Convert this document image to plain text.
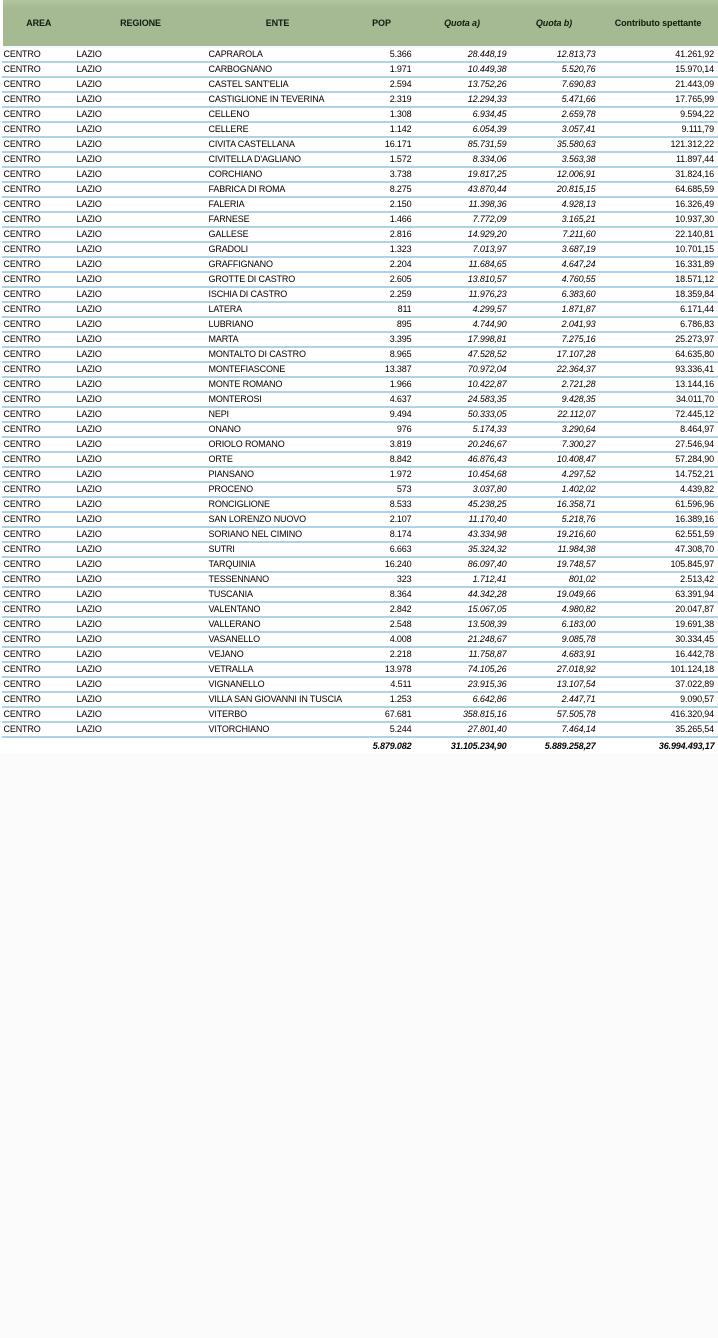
AREA	REGIONE	ENTE	POP	Quota a)	Quota b)	Contributo spettante
CENTRO	LAZIO	CAPRAROLA	5.366	28.448,19	12.813,73	41.261,92
CENTRO	LAZIO	CARBOGNANO	1.971	10.449,38	5.520,76	15.970,14
CENTRO	LAZIO	CASTEL SANT'ELIA	2.594	13.752,26	7.690,83	21.443,09
CENTRO	LAZIO	CASTIGLIONE IN TEVERINA	2.319	12.294,33	5.471,66	17.765,99
CENTRO	LAZIO	CELLENO	1.308	6.934,45	2.659,78	9.594,22
CENTRO	LAZIO	CELLERE	1.142	6.054,39	3.057,41	9.111,79
CENTRO	LAZIO	CIVITA CASTELLANA	16.171	85.731,59	35.580,63	121.312,22
CENTRO	LAZIO	CIVITELLA D'AGLIANO	1.572	8.334,06	3.563,38	11.897,44
CENTRO	LAZIO	CORCHIANO	3.738	19.817,25	12.006,91	31.824,16
CENTRO	LAZIO	FABRICA DI ROMA	8.275	43.870,44	20.815,15	64.685,59
CENTRO	LAZIO	FALERIA	2.150	11.398,36	4.928,13	16.326,49
CENTRO	LAZIO	FARNESE	1.466	7.772,09	3.165,21	10.937,30
CENTRO	LAZIO	GALLESE	2.816	14.929,20	7.211,60	22.140,81
CENTRO	LAZIO	GRADOLI	1.323	7.013,97	3.687,19	10.701,15
CENTRO	LAZIO	GRAFFIGNANO	2.204	11.684,65	4.647,24	16.331,89
CENTRO	LAZIO	GROTTE DI CASTRO	2.605	13.810,57	4.760,55	18.571,12
CENTRO	LAZIO	ISCHIA DI CASTRO	2.259	11.976,23	6.383,60	18.359,84
CENTRO	LAZIO	LATERA	811	4.299,57	1.871,87	6.171,44
CENTRO	LAZIO	LUBRIANO	895	4.744,90	2.041,93	6.786,83
CENTRO	LAZIO	MARTA	3.395	17.998,81	7.275,16	25.273,97
CENTRO	LAZIO	MONTALTO DI CASTRO	8.965	47.528,52	17.107,28	64.635,80
CENTRO	LAZIO	MONTEFIASCONE	13.387	70.972,04	22.364,37	93.336,41
CENTRO	LAZIO	MONTE ROMANO	1.966	10.422,87	2.721,28	13.144,16
CENTRO	LAZIO	MONTEROSI	4.637	24.583,35	9.428,35	34.011,70
CENTRO	LAZIO	NEPI	9.494	50.333,05	22.112,07	72.445,12
CENTRO	LAZIO	ONANO	976	5.174,33	3.290,64	8.464,97
CENTRO	LAZIO	ORIOLO ROMANO	3.819	20.246,67	7.300,27	27.546,94
CENTRO	LAZIO	ORTE	8.842	46.876,43	10.408,47	57.284,90
CENTRO	LAZIO	PIANSANO	1.972	10.454,68	4.297,52	14.752,21
CENTRO	LAZIO	PROCENO	573	3.037,80	1.402,02	4.439,82
CENTRO	LAZIO	RONCIGLIONE	8.533	45.238,25	16.358,71	61.596,96
CENTRO	LAZIO	SAN LORENZO NUOVO	2.107	11.170,40	5.218,76	16.389,16
CENTRO	LAZIO	SORIANO NEL CIMINO	8.174	43.334,98	19.216,60	62.551,59
CENTRO	LAZIO	SUTRI	6.663	35.324,32	11.984,38	47.308,70
CENTRO	LAZIO	TARQUINIA	16.240	86.097,40	19.748,57	105.845,97
CENTRO	LAZIO	TESSENNANO	323	1.712,41	801,02	2.513,42
CENTRO	LAZIO	TUSCANIA	8.364	44.342,28	19.049,66	63.391,94
CENTRO	LAZIO	VALENTANO	2.842	15.067,05	4.980,82	20.047,87
CENTRO	LAZIO	VALLERANO	2.548	13.508,39	6.183,00	19.691,38
CENTRO	LAZIO	VASANELLO	4.008	21.248,67	9.085,78	30.334,45
CENTRO	LAZIO	VEJANO	2.218	11.758,87	4.683,91	16.442,78
CENTRO	LAZIO	VETRALLA	13.978	74.105,26	27.018,92	101.124,18
CENTRO	LAZIO	VIGNANELLO	4.511	23.915,36	13.107,54	37.022,89
CENTRO	LAZIO	VILLA SAN GIOVANNI IN TUSCIA	1.253	6.642,86	2.447,71	9.090,57
CENTRO	LAZIO	VITERBO	67.681	358.815,16	57.505,78	416.320,94
CENTRO	LAZIO	VITORCHIANO	5.244	27.801,40	7.464,14	35.265,54
			5.879.082	31.105.234,90	5.889.258,27	36.994.493,17
